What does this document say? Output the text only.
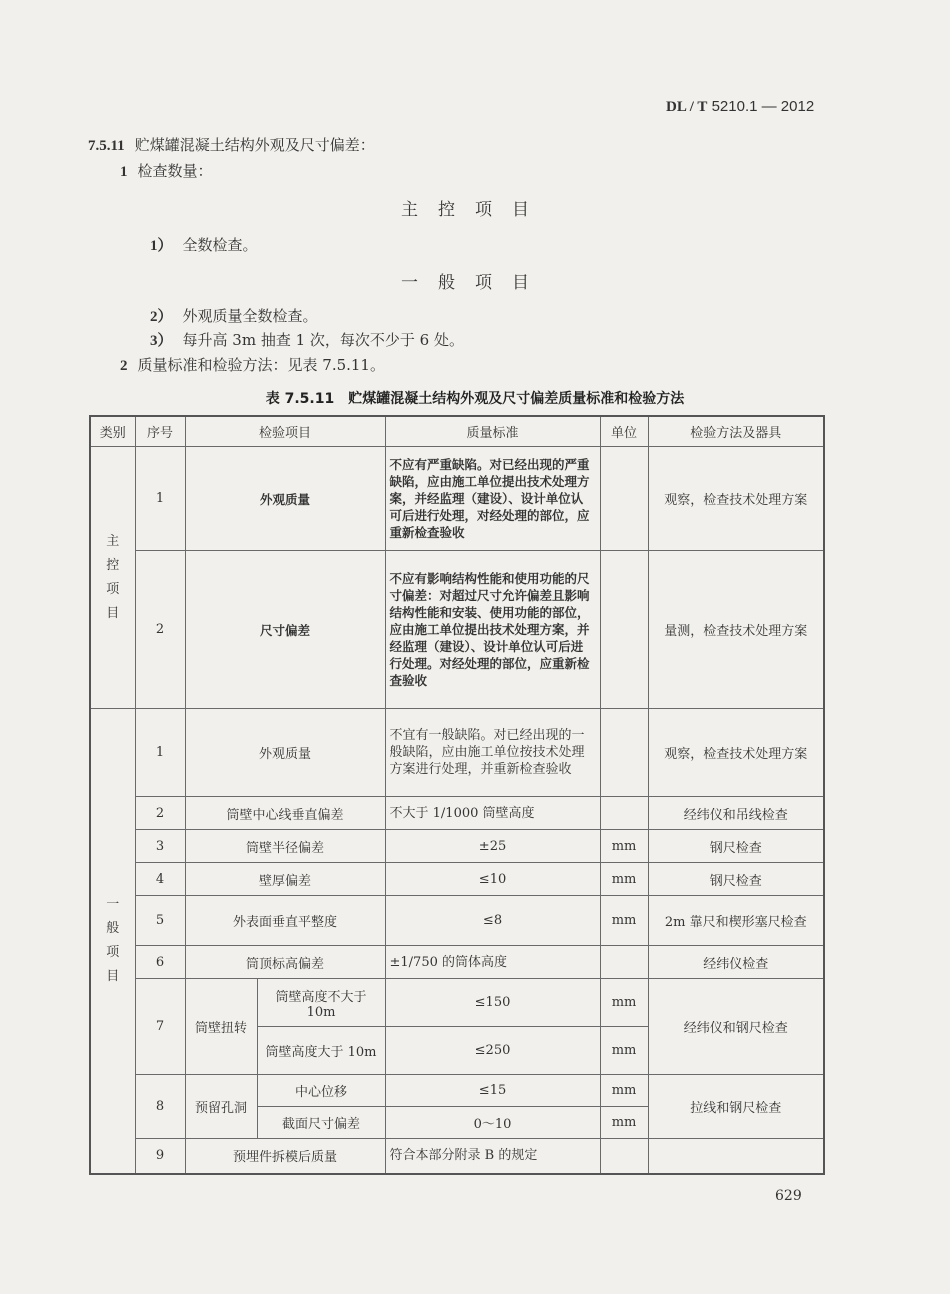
DL / T 5210.1 — 2012
7.5.11 贮煤罐混凝土结构外观及尺寸偏差：
1 检查数量：
主控项目
1） 全数检查。
一般项目
2） 外观质量全数检查。
3） 每升高 3m 抽查 1 次，每次不少于 6 处。
2 质量标准和检验方法：见表 7.5.11。
表 7.5.11　贮煤罐混凝土结构外观及尺寸偏差质量标准和检验方法
类别	序号	检验项目		质量标准	单位	检验方法及器具

主
控
项
目	1	外观质量		不应有严重缺陷。对已经出现的严重缺陷，应由施工单位提出技术处理方案，并经监理（建设）、设计单位认可后进行处理，对经处理的部位，应重新检查验收		观察，检查技术处理方案
	2	尺寸偏差		不应有影响结构性能和使用功能的尺寸偏差：对超过尺寸允许偏差且影响结构性能和安装、使用功能的部位，应由施工单位提出技术处理方案，并经监理（建设）、设计单位认可后进行处理。对经处理的部位，应重新检查验收		量测，检查技术处理方案

一
般
项
目	1	外观质量		不宜有一般缺陷。对已经出现的一般缺陷，应由施工单位按技术处理方案进行处理，并重新检查验收		观察，检查技术处理方案
	2	筒壁中心线垂直偏差		不大于 1/1000 筒壁高度		经纬仪和吊线检查
	3	筒壁半径偏差		±25	mm	钢尺检查
	4	壁厚偏差		≤10	mm	钢尺检查
	5	外表面垂直平整度		≤8	mm	2m 靠尺和楔形塞尺检查
	6	筒顶标高偏差		±1/750 的筒体高度		经纬仪检查
	7	筒壁扭转	筒壁高度不大于 10m	≤150	mm	经纬仪和钢尺检查
			筒壁高度大于 10m	≤250	mm	
	8	预留孔洞	中心位移	≤15	mm	拉线和钢尺检查
			截面尺寸偏差	0～10	mm	
	9	预埋件拆模后质量		符合本部分附录 B 的规定		
629
